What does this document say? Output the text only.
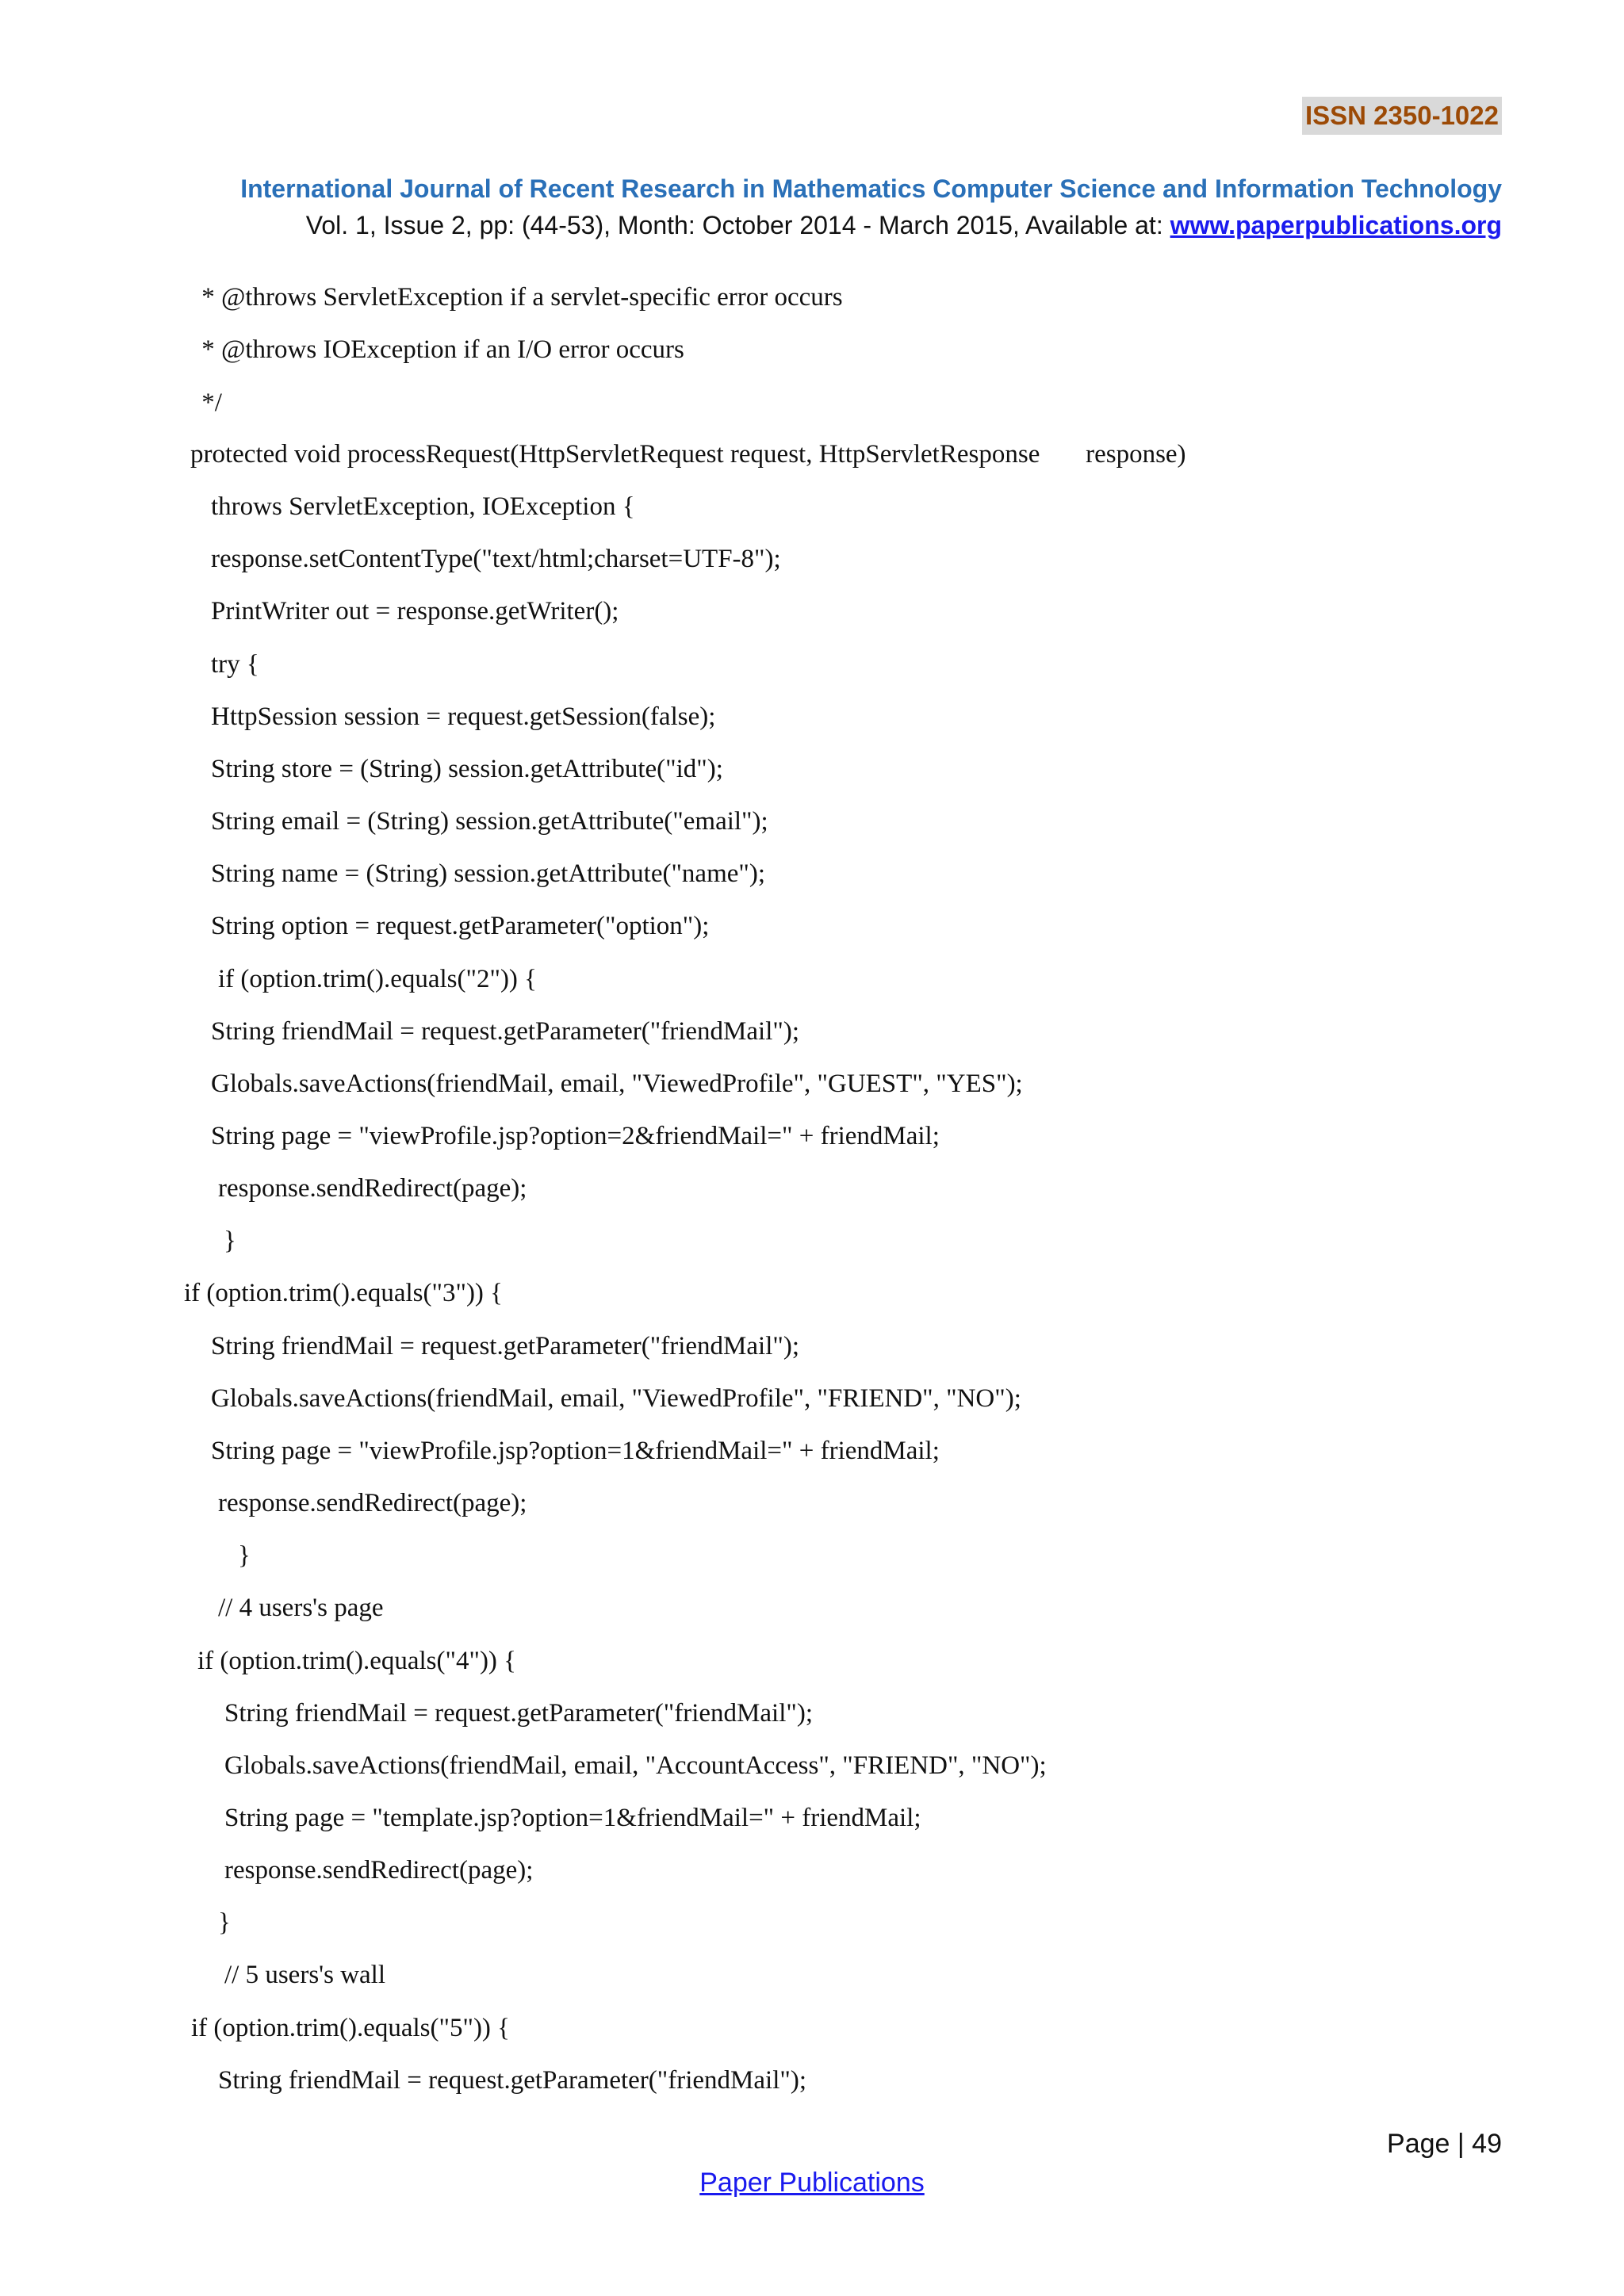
ISSN 2350-1022
International Journal of Recent Research in Mathematics Computer Science and Information Technology
Vol. 1, Issue 2, pp: (44-53), Month: October 2014 - March 2015, Available at: www.paperpublications.org
* @throws ServletException if a servlet-specific error occurs
* @throws IOException if an I/O error occurs
*/
protected void processRequest(HttpServletRequest request, HttpServletResponse       response)
throws ServletException, IOException {
response.setContentType("text/html;charset=UTF-8");
PrintWriter out = response.getWriter();
try {
HttpSession session = request.getSession(false);
String store = (String) session.getAttribute("id");
String email = (String) session.getAttribute("email");
String name = (String) session.getAttribute("name");
String option = request.getParameter("option");
if (option.trim().equals("2")) {
String friendMail = request.getParameter("friendMail");
Globals.saveActions(friendMail, email, "ViewedProfile", "GUEST", "YES");
String page = "viewProfile.jsp?option=2&friendMail=" + friendMail;
response.sendRedirect(page);
}
if (option.trim().equals("3")) {
String friendMail = request.getParameter("friendMail");
Globals.saveActions(friendMail, email, "ViewedProfile", "FRIEND", "NO");
String page = "viewProfile.jsp?option=1&friendMail=" + friendMail;
response.sendRedirect(page);
}
// 4 users's page
if (option.trim().equals("4")) {
String friendMail = request.getParameter("friendMail");
Globals.saveActions(friendMail, email, "AccountAccess", "FRIEND", "NO");
String page = "template.jsp?option=1&friendMail=" + friendMail;
response.sendRedirect(page);
}
// 5 users's wall
if (option.trim().equals("5")) {
String friendMail = request.getParameter("friendMail");
Page | 49
Paper Publications
